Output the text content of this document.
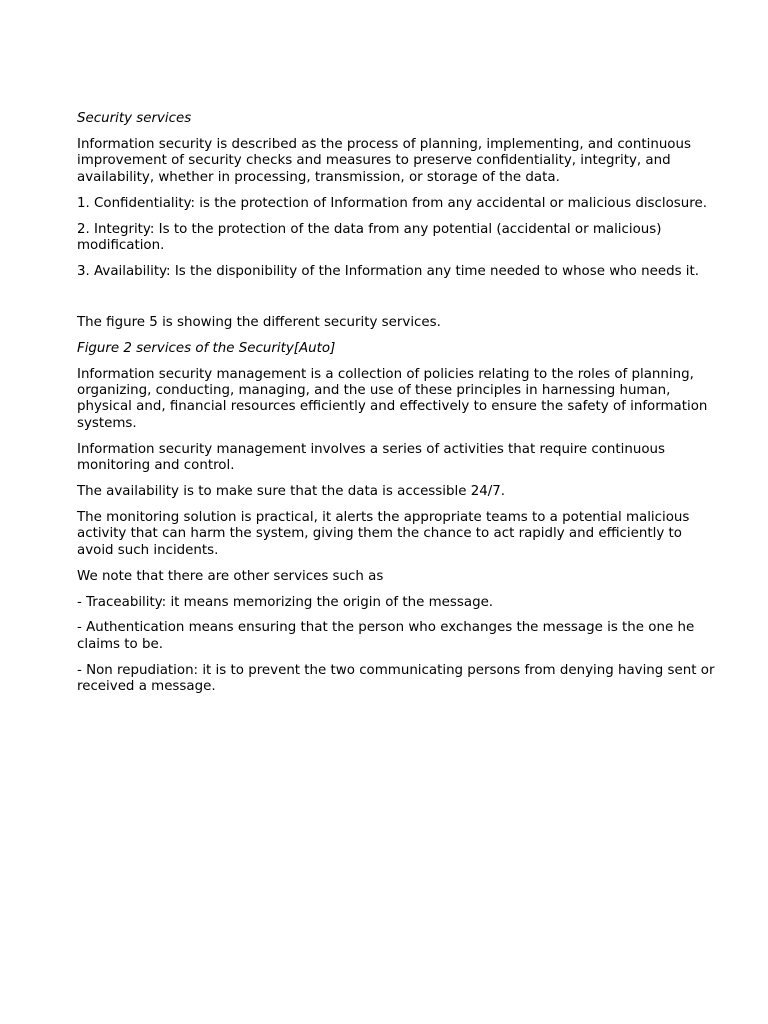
Security services

Information security is described as the process of planning, implementing, and continuous improvement of security checks and measures to preserve confidentiality, integrity, and availability, whether in processing, transmission, or storage of the data.

1. Confidentiality: is the protection of Information from any accidental or malicious disclosure.

2. Integrity: Is to the protection of the data from any potential (accidental or malicious) modification.

3. Availability: Is the disponibility of the Information any time needed to whose who needs it.

The figure 5 is showing the different security services.

Figure 2 services of the Security[Auto]

Information security management is a collection of policies relating to the roles of planning, organizing, conducting, managing, and the use of these principles in harnessing human, physical and, financial resources efficiently and effectively to ensure the safety of information systems.

Information security management involves a series of activities that require continuous monitoring and control.

The availability is to make sure that the data is accessible 24/7.

The monitoring solution is practical, it alerts the appropriate teams to a potential malicious activity that can harm the system, giving them the chance to act rapidly and efficiently to avoid such incidents.

We note that there are other services such as

- Traceability: it means memorizing the origin of the message.

- Authentication means ensuring that the person who exchanges the message is the one he claims to be.

- Non repudiation: it is to prevent the two communicating persons from denying having sent or received a message.
